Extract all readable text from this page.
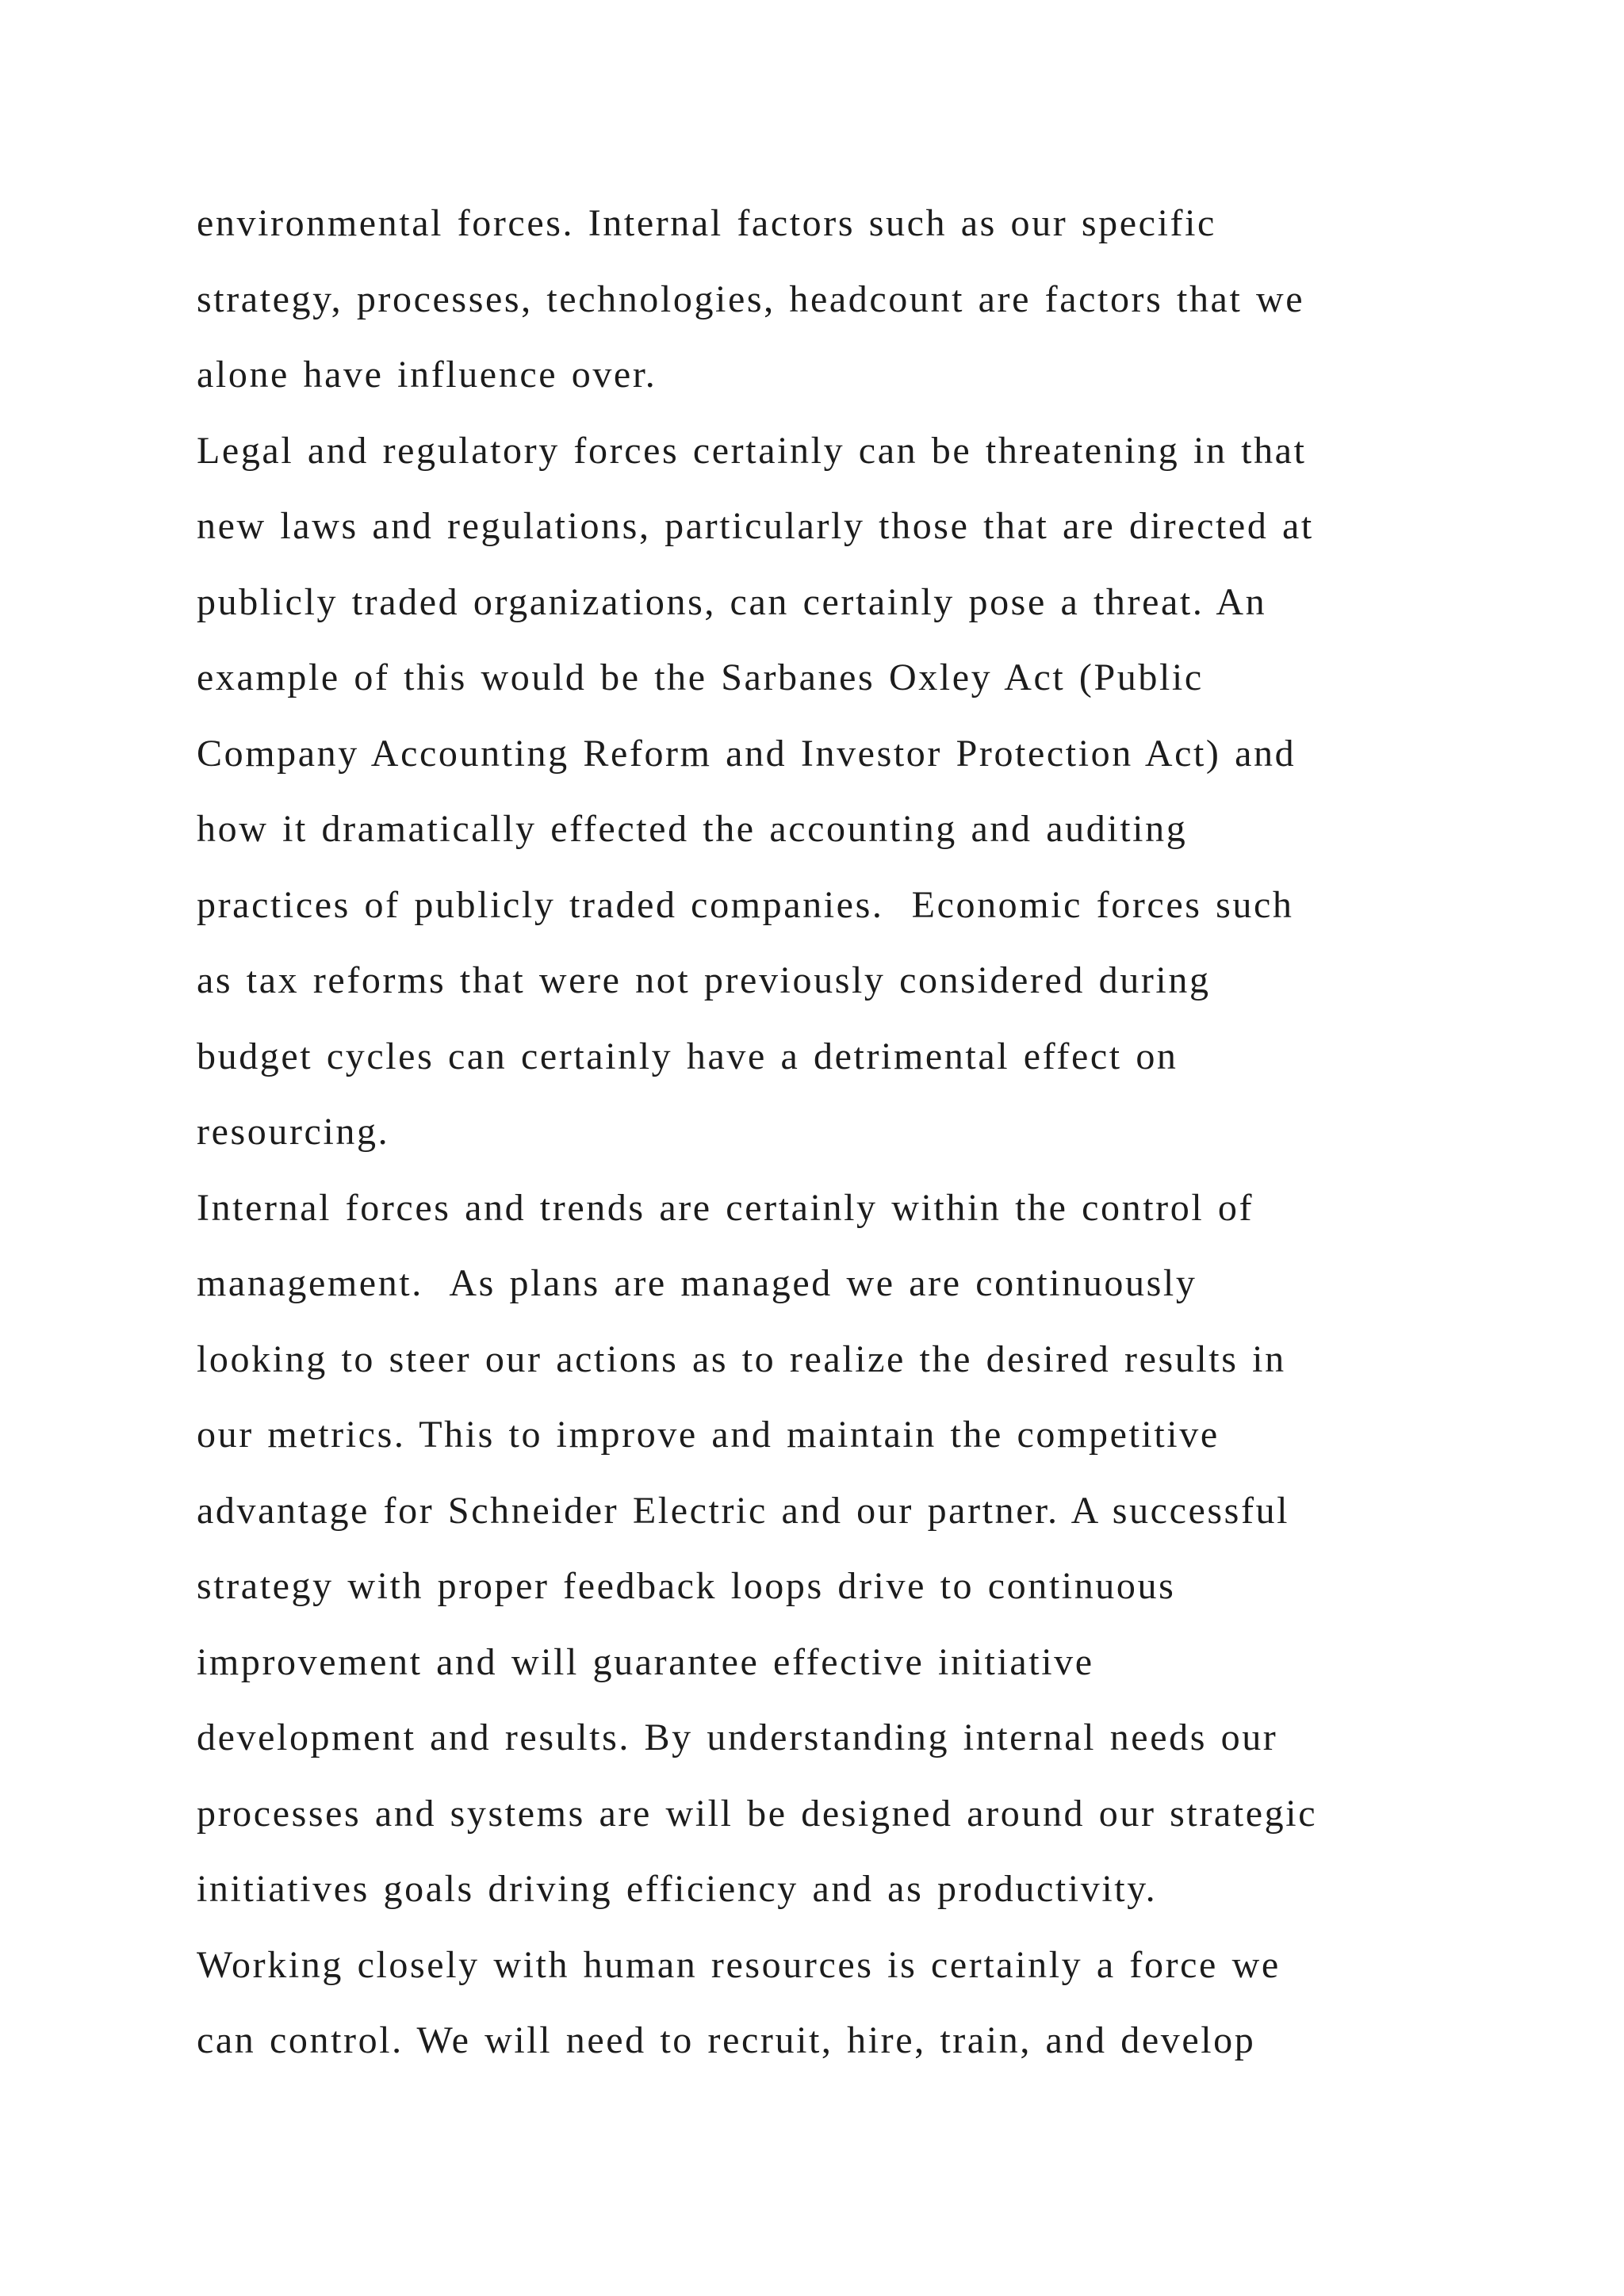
environmental forces. Internal factors such as our specific
strategy, processes, technologies, headcount are factors that we
alone have influence over.
Legal and regulatory forces certainly can be threatening in that
new laws and regulations, particularly those that are directed at
publicly traded organizations, can certainly pose a threat. An
example of this would be the Sarbanes Oxley Act (Public
Company Accounting Reform and Investor Protection Act) and
how it dramatically effected the accounting and auditing
practices of publicly traded companies.  Economic forces such
as tax reforms that were not previously considered during
budget cycles can certainly have a detrimental effect on
resourcing.
Internal forces and trends are certainly within the control of
management.  As plans are managed we are continuously
looking to steer our actions as to realize the desired results in
our metrics. This to improve and maintain the competitive
advantage for Schneider Electric and our partner. A successful
strategy with proper feedback loops drive to continuous
improvement and will guarantee effective initiative
development and results. By understanding internal needs our
processes and systems are will be designed around our strategic
initiatives goals driving efficiency and as productivity.
Working closely with human resources is certainly a force we
can control. We will need to recruit, hire, train, and develop
